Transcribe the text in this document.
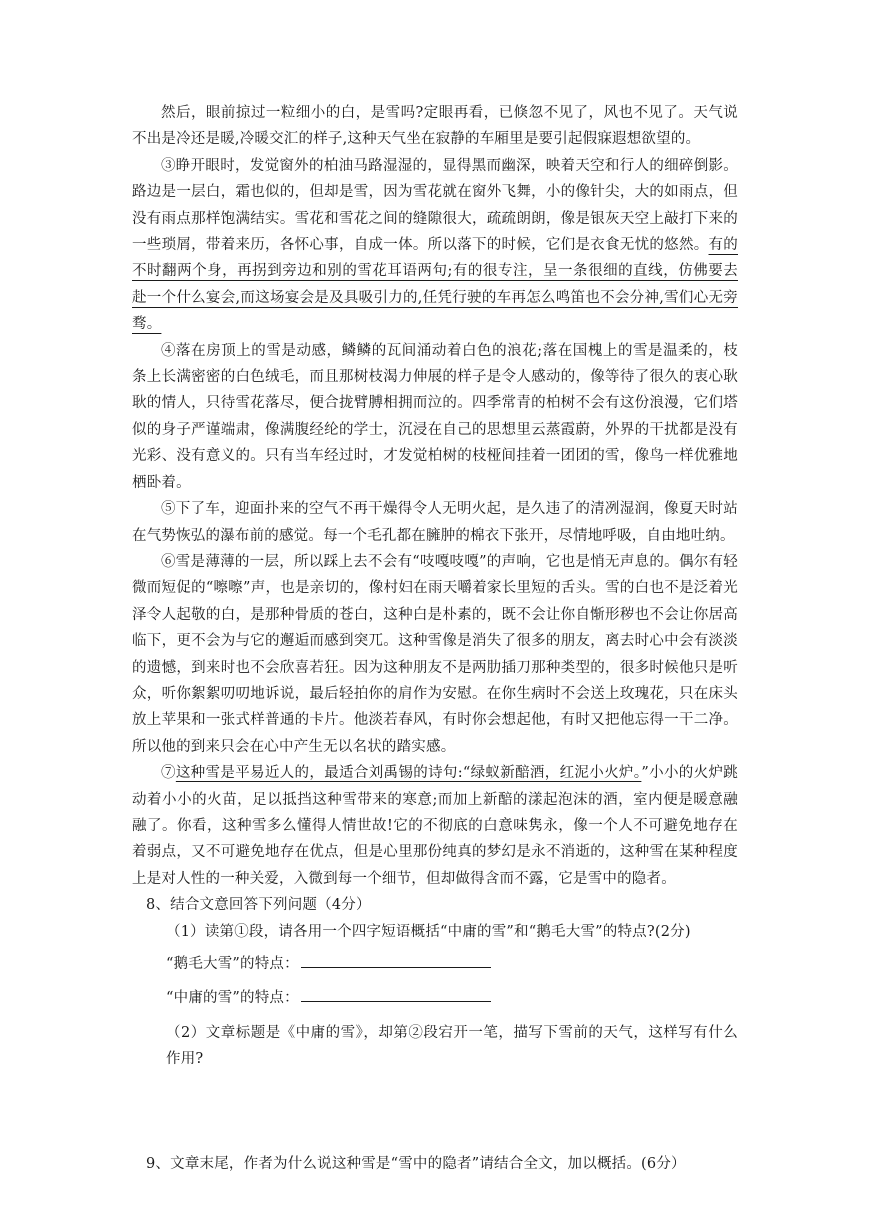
然后，眼前掠过一粒细小的白，是雪吗?定眼再看，已倏忽不见了，风也不见了。天气说不出是冷还是暖,冷暖交汇的样子,这种天气坐在寂静的车厢里是要引起假寐遐想欲望的。

③睁开眼时，发觉窗外的柏油马路湿湿的，显得黑而幽深，映着天空和行人的细碎倒影。路边是一层白，霜也似的，但却是雪，因为雪花就在窗外飞舞，小的像针尖，大的如雨点，但没有雨点那样饱满结实。雪花和雪花之间的缝隙很大，疏疏朗朗，像是银灰天空上敲打下来的一些琐屑，带着来历，各怀心事，自成一体。所以落下的时候，它们是衣食无忧的悠然。有的不时翻两个身，再拐到旁边和别的雪花耳语两句;有的很专注，呈一条很细的直线，仿佛要去赴一个什么宴会,而这场宴会是及具吸引力的,任凭行驶的车再怎么鸣笛也不会分神,雪们心无旁骛。

④落在房顶上的雪是动感，鳞鳞的瓦间涌动着白色的浪花;落在国槐上的雪是温柔的，枝条上长满密密的白色绒毛，而且那树枝渴力伸展的样子是令人感动的，像等待了很久的衷心耿耿的情人，只待雪花落尽，便合拢臂膊相拥而泣的。四季常青的柏树不会有这份浪漫，它们塔似的身子严谨端肃，像满腹经纶的学士，沉浸在自己的思想里云蒸霞蔚，外界的干扰都是没有光彩、没有意义的。只有当车经过时，才发觉柏树的枝桠间挂着一团团的雪，像鸟一样优雅地栖卧着。

⑤下了车，迎面扑来的空气不再干燥得令人无明火起，是久违了的清冽湿润，像夏天时站在气势恢弘的瀑布前的感觉。每一个毛孔都在臃肿的棉衣下张开，尽情地呼吸，自由地吐纳。

⑥雪是薄薄的一层，所以踩上去不会有“吱嘎吱嘎”的声响，它也是悄无声息的。偶尔有轻微而短促的“嚓嚓”声，也是亲切的，像村妇在雨天嚼着家长里短的舌头。雪的白也不是泛着光泽令人起敬的白，是那种骨质的苍白，这种白是朴素的，既不会让你自惭形秽也不会让你居高临下，更不会为与它的邂逅而感到突兀。这种雪像是消失了很多的朋友，离去时心中会有淡淡的遗憾，到来时也不会欣喜若狂。因为这种朋友不是两肋插刀那种类型的，很多时候他只是听众，听你絮絮叨叨地诉说，最后轻拍你的肩作为安慰。在你生病时不会送上玫瑰花，只在床头放上苹果和一张式样普通的卡片。他淡若春风，有时你会想起他，有时又把他忘得一干二净。所以他的到来只会在心中产生无以名状的踏实感。

⑦这种雪是平易近人的，最适合刘禹锡的诗句:“绿蚁新醅酒，红泥小火炉。”小小的火炉跳动着小小的火苗，足以抵挡这种雪带来的寒意;而加上新醅的漾起泡沫的酒，室内便是暖意融融了。你看，这种雪多么懂得人情世故!它的不彻底的白意味隽永，像一个人不可避免地存在着弱点，又不可避免地存在优点，但是心里那份纯真的梦幻是永不消逝的，这种雪在某种程度上是对人性的一种关爱，入微到每一个细节，但却做得含而不露，它是雪中的隐者。

8、结合文意回答下列问题（4分）

（1）读第①段，请各用一个四字短语概括“中庸的雪”和“鹅毛大雪”的特点?(2分)

“鹅毛大雪”的特点：

“中庸的雪”的特点：

（2）文章标题是《中庸的雪》，却第②段宕开一笔，描写下雪前的天气，这样写有什么作用?

9、文章末尾，作者为什么说这种雪是“雪中的隐者”请结合全文，加以概括。(6分）
